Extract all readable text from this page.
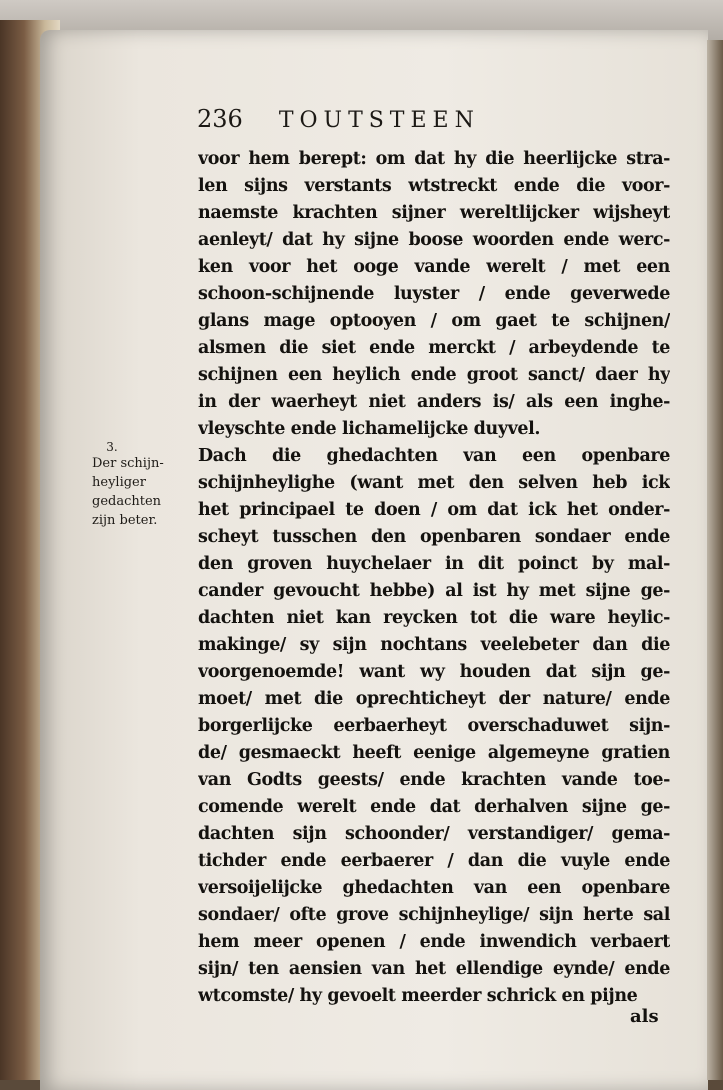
236 TOUTSTEEN
3.
Der schijn-
heyliger
gedachten
zijn beter.
voor hem berept: om dat hy die heerlijcke stra-
len sijns verstants wtstreckt ende die voor-
naemste krachten sijner wereltlijcker wijsheyt
aenleyt/ dat hy sijne boose woorden ende werc-
ken voor het ooge vande werelt / met een
schoon-schijnende luyster / ende geverwede
glans mage optooyen / om gaet te schijnen/
alsmen die siet ende merckt / arbeydende te
schijnen een heylich ende groot sanct/ daer hy
in der waerheyt niet anders is/ als een inghe-
vleyschte ende lichamelijcke duyvel.
Dach die ghedachten van een openbare
schijnheylighe (want met den selven heb ick
het principael te doen / om dat ick het onder-
scheyt tusschen den openbaren sondaer ende
den groven huychelaer in dit poinct by mal-
cander gevoucht hebbe) al ist hy met sijne ge-
dachten niet kan reycken tot die ware heylic-
makinge/ sy sijn nochtans veelebeter dan die
voorgenoemde! want wy houden dat sijn ge-
moet/ met die oprechticheyt der nature/ ende
borgerlijcke eerbaerheyt overschaduwet sijn-
de/ gesmaeckt heeft eenige algemeyne gratien
van Godts geests/ ende krachten vande toe-
comende werelt ende dat derhalven sijne ge-
dachten sijn schoonder/ verstandiger/ gema-
tichder ende eerbaerer / dan die vuyle ende
versoijelijcke ghedachten van een openbare
sondaer/ ofte grove schijnheylige/ sijn herte sal
hem meer openen / ende inwendich verbaert
sijn/ ten aensien van het ellendige eynde/ ende
wtcomste/ hy gevoelt meerder schrick en pijne
als
